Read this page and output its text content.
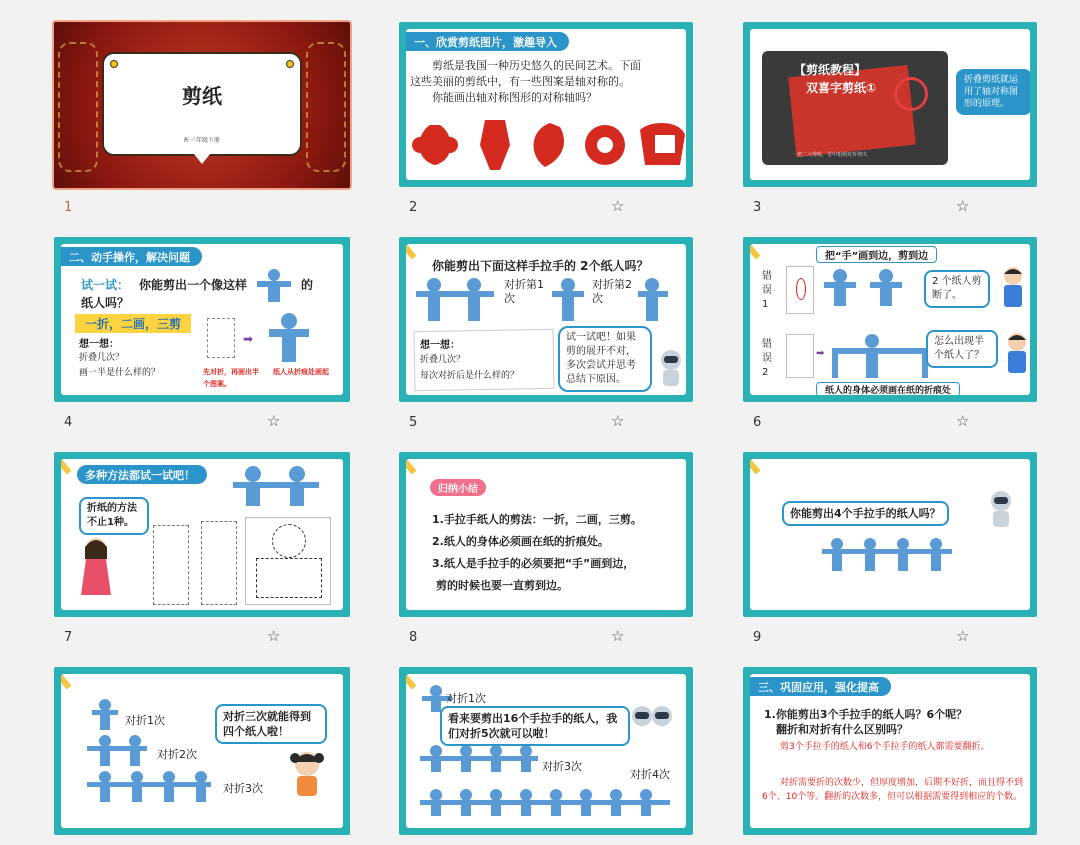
剪纸
R·三年级下册
1
一、欣赏剪纸图片，激趣导入
剪纸是我国一种历史悠久的民间艺术。下面
这些美丽的剪纸中，有一些图案是轴对称的。
你能画出轴对称图形的对称轴吗？
2	☆
【剪纸教程】
双喜字剪纸①
一把二大剪纸，里中相到对折剪出
折叠剪纸就运用了轴对称图形的原理。
3	☆
二、动手操作，解决问题
试一试： 你能剪出一个像这样	的
纸人吗？
一折，二画，三剪
想一想：
折叠几次？
画一半是什么样的？
➡
先对折，再画出半个图案。
纸人从折痕处画起
4	☆
你能剪出下面这样手拉手的 2个纸人吗？
对折第1次
对折第2次
想一想：
折叠几次？
每次对折后是什么样的？
试一试吧！如果剪的展开不对，多次尝试并思考总结下原因。
5	☆
把“手”画到边，剪到边
错误1
2 个纸人剪断了。
错误2
➡
怎么出现半个纸人了？
纸人的身体必须画在纸的折痕处
6	☆
多种方法都试一试吧！
折纸的方法不止1种。
7	☆
归纳小结
1.手拉手纸人的剪法：一折，二画，三剪。
2.纸人的身体必须画在纸的折痕处。
3.纸人是手拉手的必须要把“手”画到边，
剪的时候也要一直剪到边。
8	☆
你能剪出4个手拉手的纸人吗？
9	☆
对折1次
对折2次
对折3次
对折三次就能得到四个纸人啦！
对折1次
看来要剪出16个手拉手的纸人，我们对折5次就可以啦！
对折3次
对折4次
三、巩固应用，强化提高
1.你能剪出3个手拉手的纸人吗？6个呢？
翻折和对折有什么区别吗？
剪3个手拉手的纸人和6个手拉手的纸人都需要翻折。
对折需要折的次数少，但厚度增加，后期不好折，而且得不到6个、10个等。翻折的次数多，但可以根据需要得到相应的个数。
